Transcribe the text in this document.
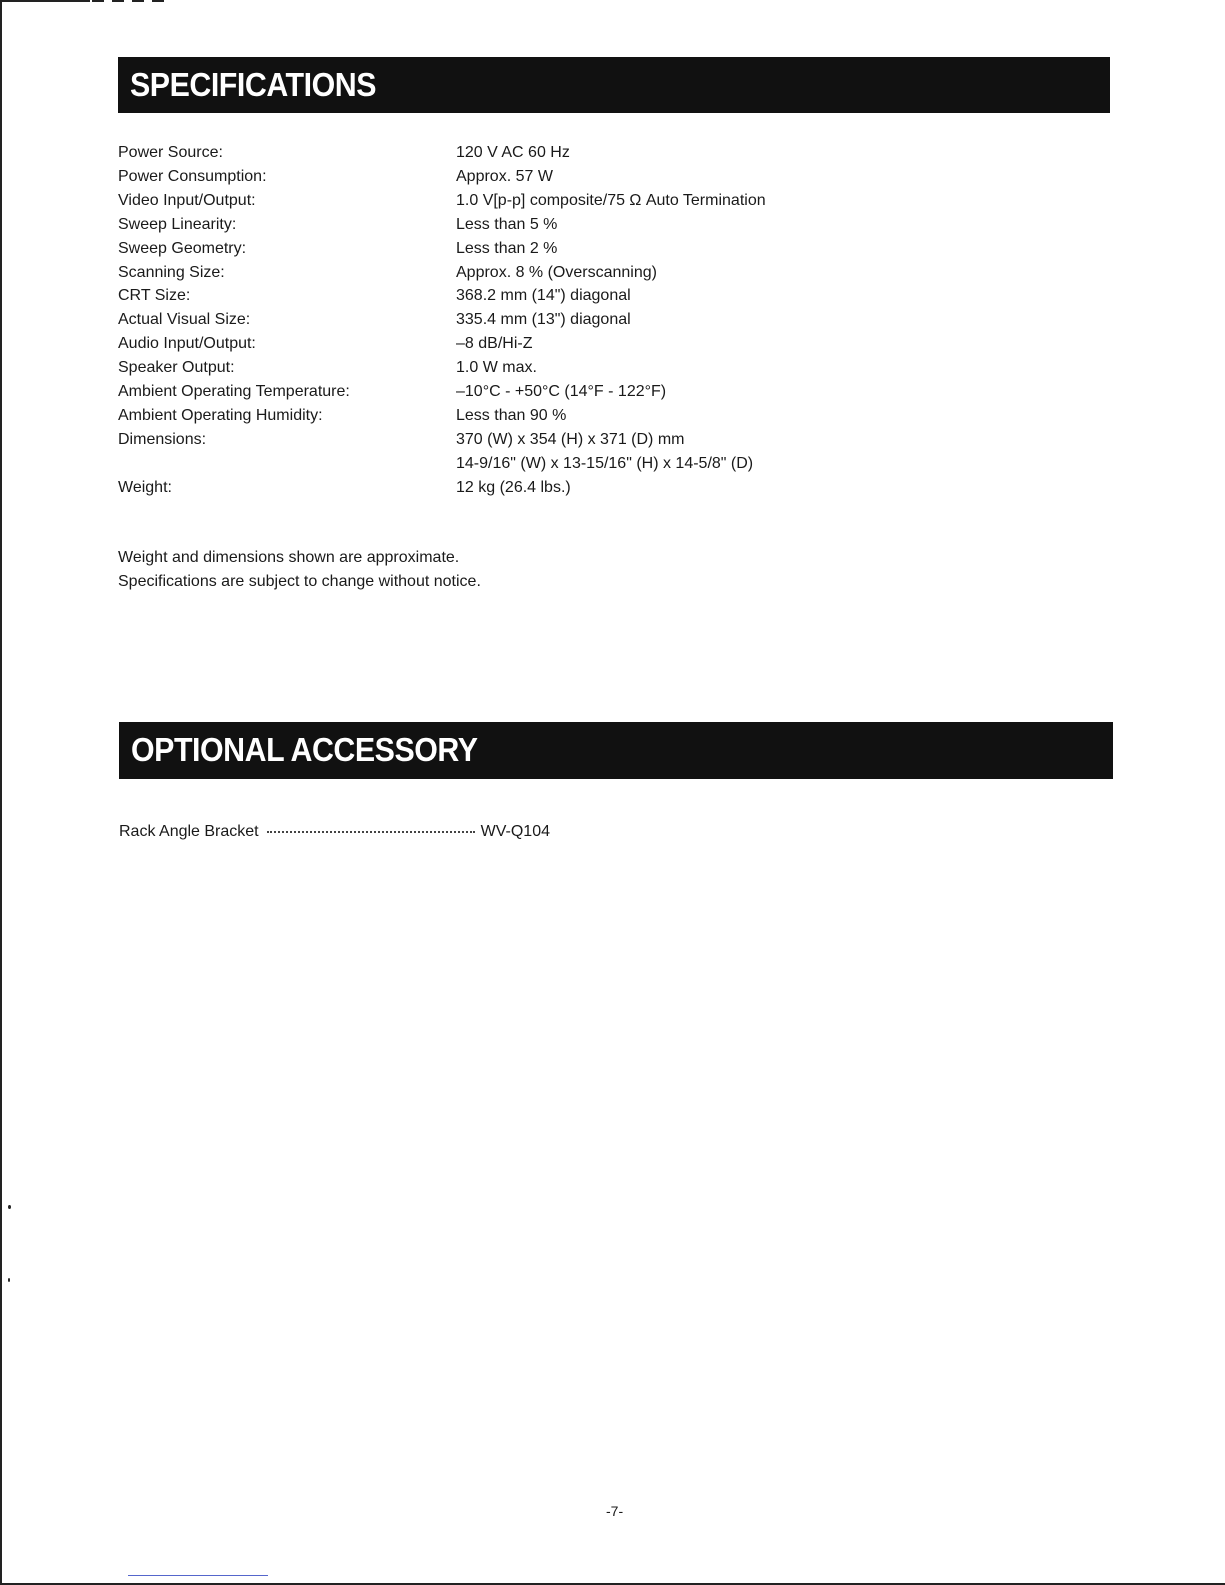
SPECIFICATIONS
Power Source:	120 V AC 60 Hz
Power Consumption:	Approx. 57 W
Video Input/Output:	1.0 V[p-p] composite/75 Ω Auto Termination
Sweep Linearity:	Less than 5 %
Sweep Geometry:	Less than 2 %
Scanning Size:	Approx. 8 % (Overscanning)
CRT Size:	368.2 mm (14") diagonal
Actual Visual Size:	335.4 mm (13") diagonal
Audio Input/Output:	–8 dB/Hi-Z
Speaker Output:	1.0 W max.
Ambient Operating Temperature:	–10°C - +50°C (14°F - 122°F)
Ambient Operating Humidity:	Less than 90 %
Dimensions:	370 (W) x 354 (H) x 371 (D) mm
14-9/16" (W) x 13-15/16" (H) x 14-5/8" (D)
Weight:	12 kg (26.4 lbs.)
Weight and dimensions shown are approximate.
Specifications are subject to change without notice.
OPTIONAL ACCESSORY
Rack Angle Bracket	WV-Q104
-7-
